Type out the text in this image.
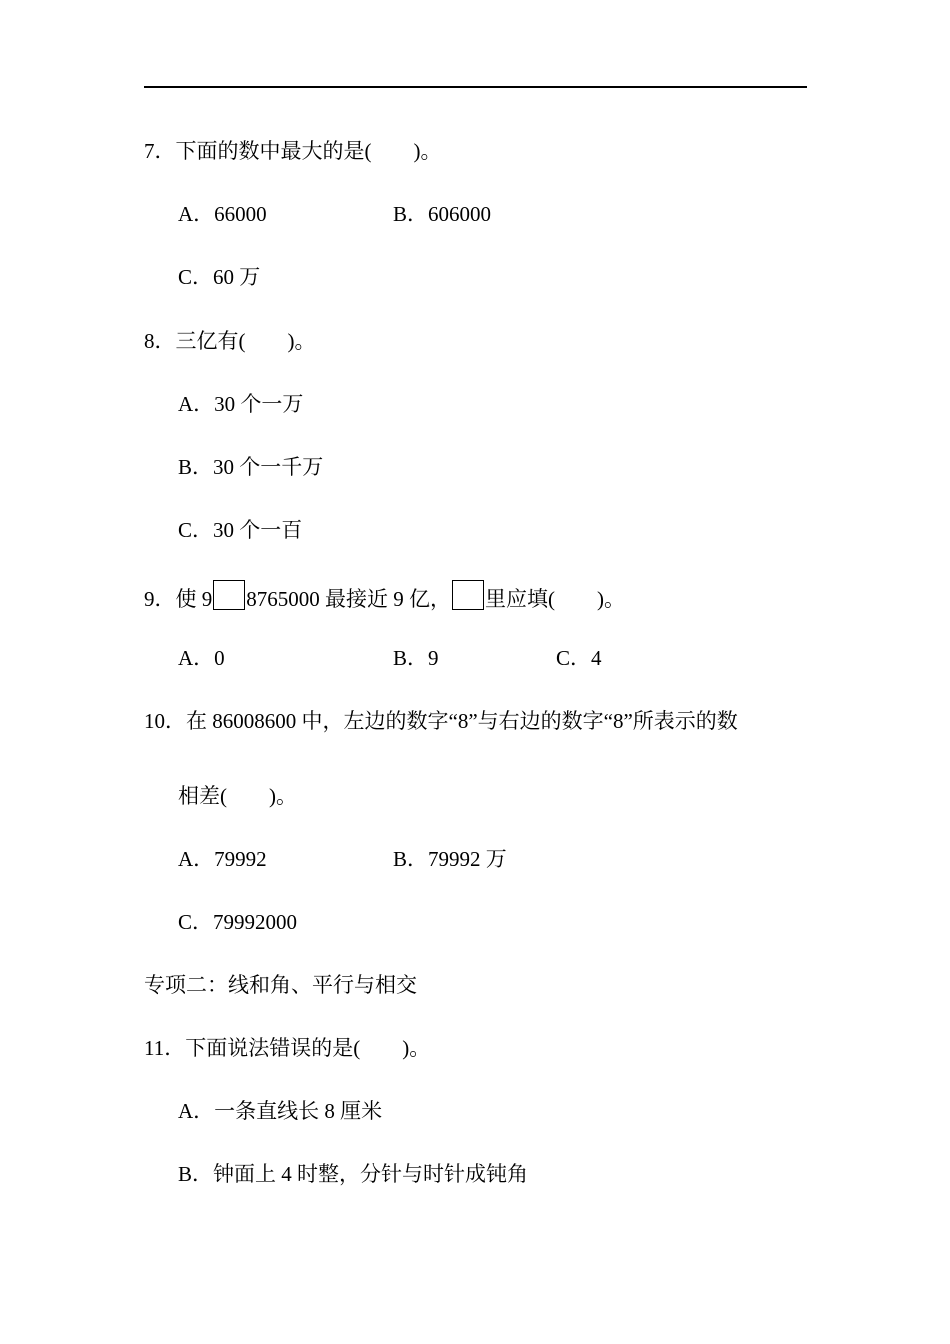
7．下面的数中最大的是(        )。
A．66000	B．606000
C．60 万
8．三亿有(        )。
A．30 个一万
B．30 个一千万
C．30 个一百
9．使 9 8765000 最接近 9 亿， 里应填(        )。
A．0	B．9	C．4
10．在 86008600 中，左边的数字“8”与右边的数字“8”所表示的数
相差(        )。
A．79992	B．79992 万
C．79992000
专项二：线和角、平行与相交
11．下面说法错误的是(        )。
A．一条直线长 8 厘米
B．钟面上 4 时整，分针与时针成钝角
